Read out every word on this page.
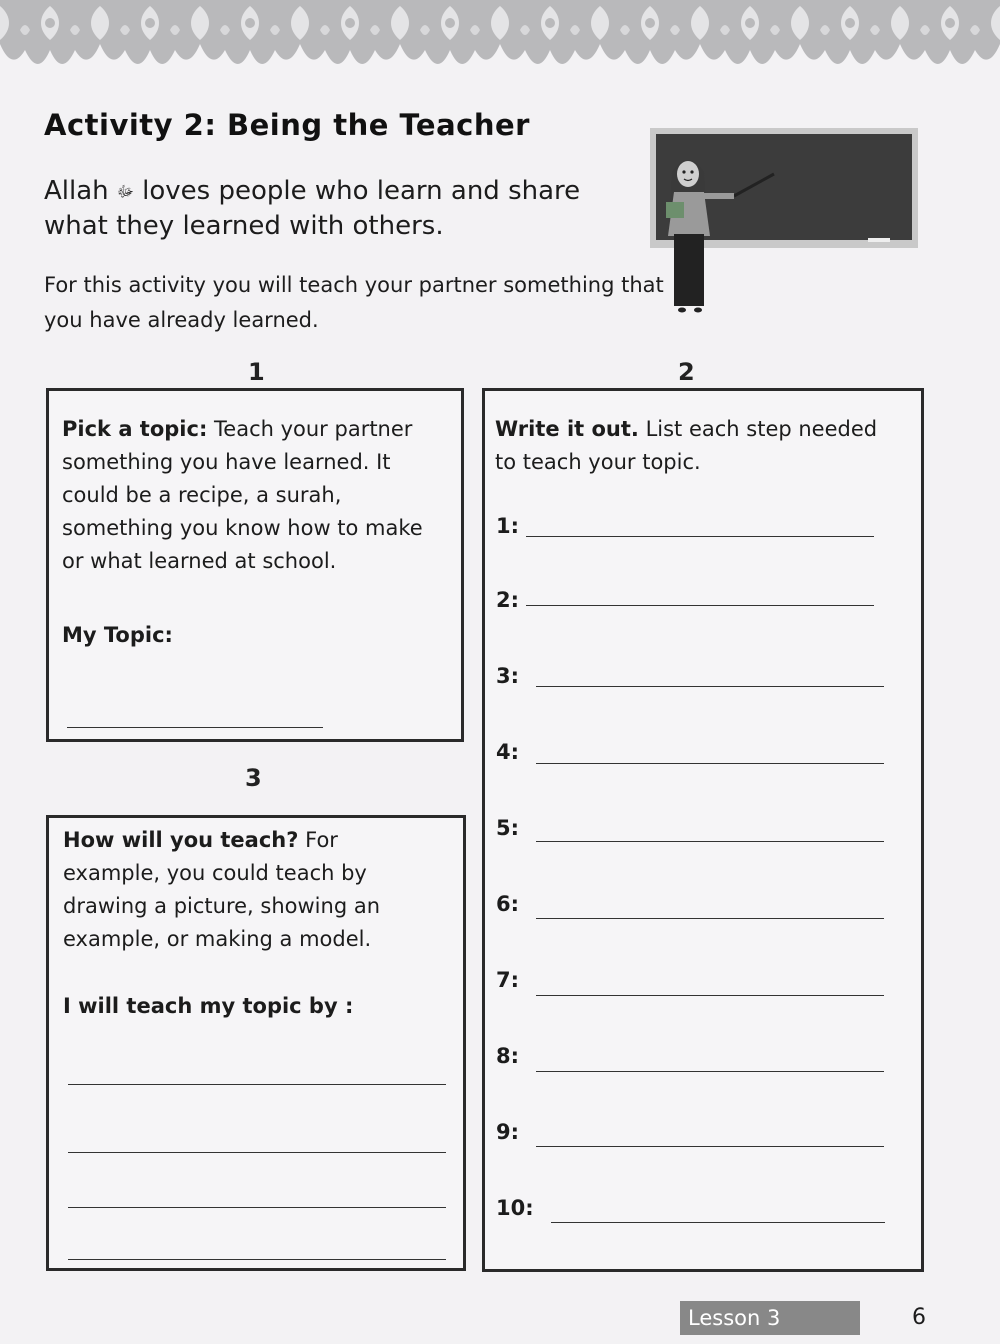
Activity 2: Being the Teacher
Allah ﷻ loves people who learn and share what they learned with others.
For this activity you will teach your partner something that you have already learned.
1	2
3
Pick a topic: Teach your partner something you have learned. It could be a recipe, a surah, something you know how to make or what learned at school.
My Topic:
Write it out. List each step needed to teach your topic.
1:
2:
3:
4:
5:
6:
7:
8:
9:
10:
How will you teach? For example, you could teach by drawing a picture, showing an example, or making a model.
I will teach my topic by :
Lesson 3	6
